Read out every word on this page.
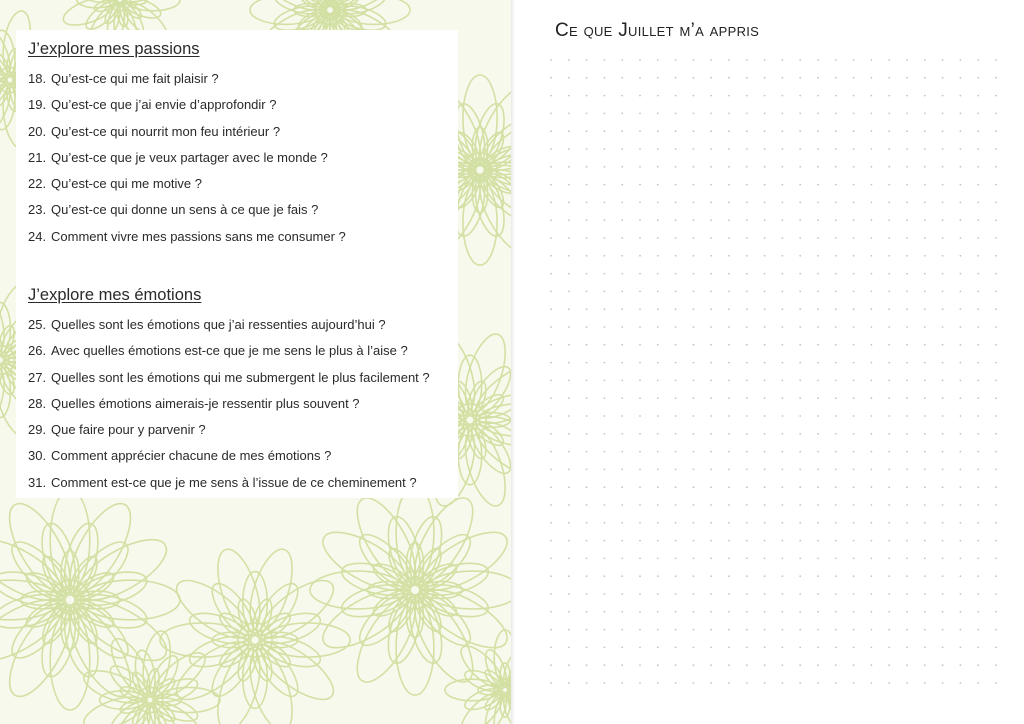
J’explore mes passions
18. Qu’est-ce qui me fait plaisir ?
19. Qu’est-ce que j’ai envie d’approfondir ?
20. Qu’est-ce qui nourrit mon feu intérieur ?
21. Qu’est-ce que je veux partager avec le monde ?
22. Qu’est-ce qui me motive ?
23. Qu’est-ce qui donne un sens à ce que je fais ?
24. Comment vivre mes passions sans me consumer ?
J’explore mes émotions
25. Quelles sont les émotions que j’ai ressenties aujourd’hui ?
26. Avec quelles émotions est-ce que je me sens le plus à l’aise ?
27. Quelles sont les émotions qui me submergent le plus facilement ?
28. Quelles émotions aimerais-je ressentir plus souvent ?
29. Que faire pour y parvenir ?
30. Comment apprécier chacune de mes émotions ?
31. Comment est-ce que je me sens à l’issue de ce cheminement ?
Ce que Juillet m’a appris
